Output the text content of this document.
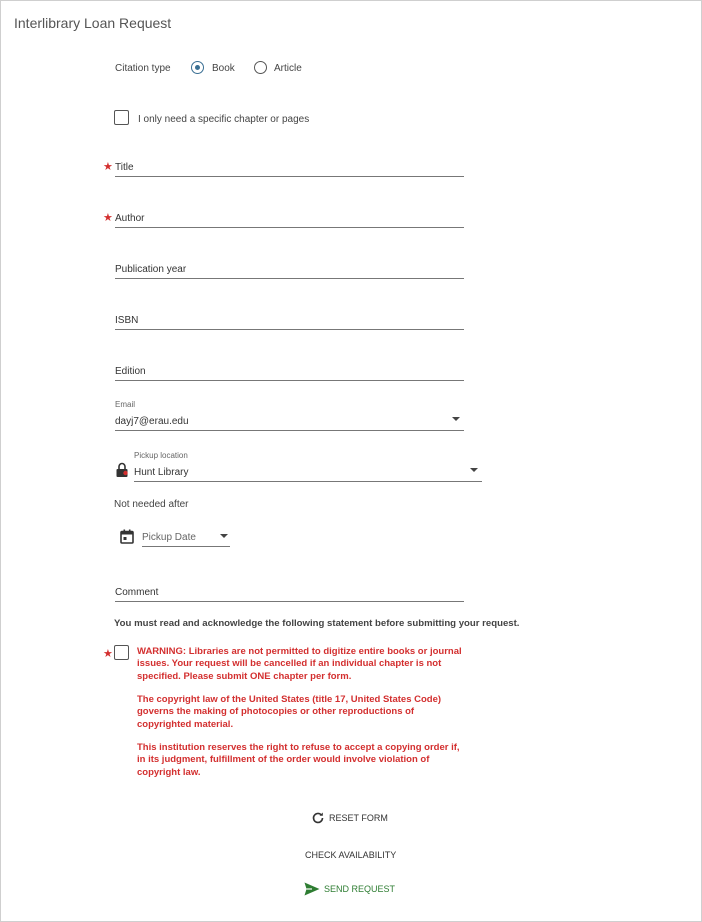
Interlibrary Loan Request
Citation type	Book	Article
I only need a specific chapter or pages
★ Title
★ Author
Publication year
ISBN
Edition
Email
dayj7@erau.edu
Pickup location
Hunt Library
Not needed after
Pickup Date
Comment
You must read and acknowledge the following statement before submitting your request.
★	WARNING: Libraries are not permitted to digitize entire books or journal issues. Your request will be cancelled if an individual chapter is not specified. Please submit ONE chapter per form.
The copyright law of the United States (title 17, United States Code) governs the making of photocopies or other reproductions of copyrighted material.
This institution reserves the right to refuse to accept a copying order if, in its judgment, fulfillment of the order would involve violation of copyright law.
RESET FORM
CHECK AVAILABILITY
SEND REQUEST
